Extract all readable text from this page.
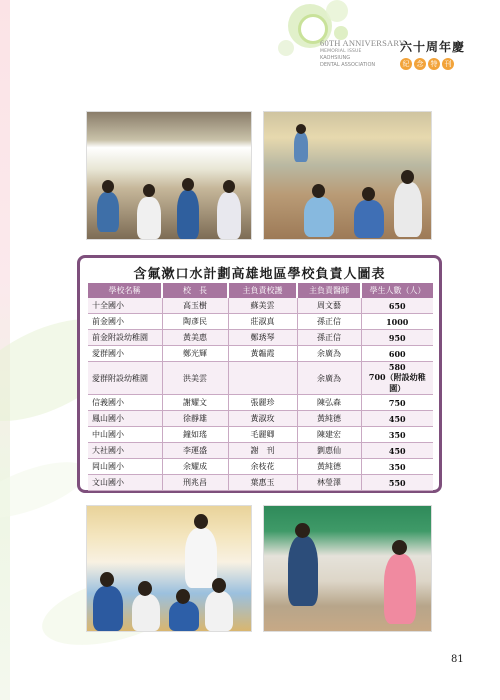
60TH ANNIVERSARY
MEMORIAL ISSUE
KAOHSIUNG
DENTAL ASSOCIATION
六十周年慶
紀	念	特	刊
含氟漱口水計劃高雄地區學校負責人圖表
學校名稱	校　長	主負責校護	主負責醫師	學生人數（人）
十全國小	高玉樹	蘇美雲	周文藝	650
前金國小	陶彥民	莊淑真	孫正信	1000
前金附設幼稚園	黃美惠	鄭琇琴	孫正信	950
愛群國小	鄭光輝	黃韞霞	余廣為	600
愛群附設幼稚園	洪美雲		余廣為	580
700（附設幼稚園）

信義國小	謝耀文	張麗珍	陳弘森	750
鳳山國小	徐靜雄	黃淑玫	黃純德	450
中山國小	鐘如瑤	毛麗卿	陳建宏	350
大社國小	李運盛	謝　刊	劉惠仙	450
岡山國小	余耀成	余枝花	黃純德	350
文山國小	刑兆昌	葉惠玉	林瑩澤	550
81
